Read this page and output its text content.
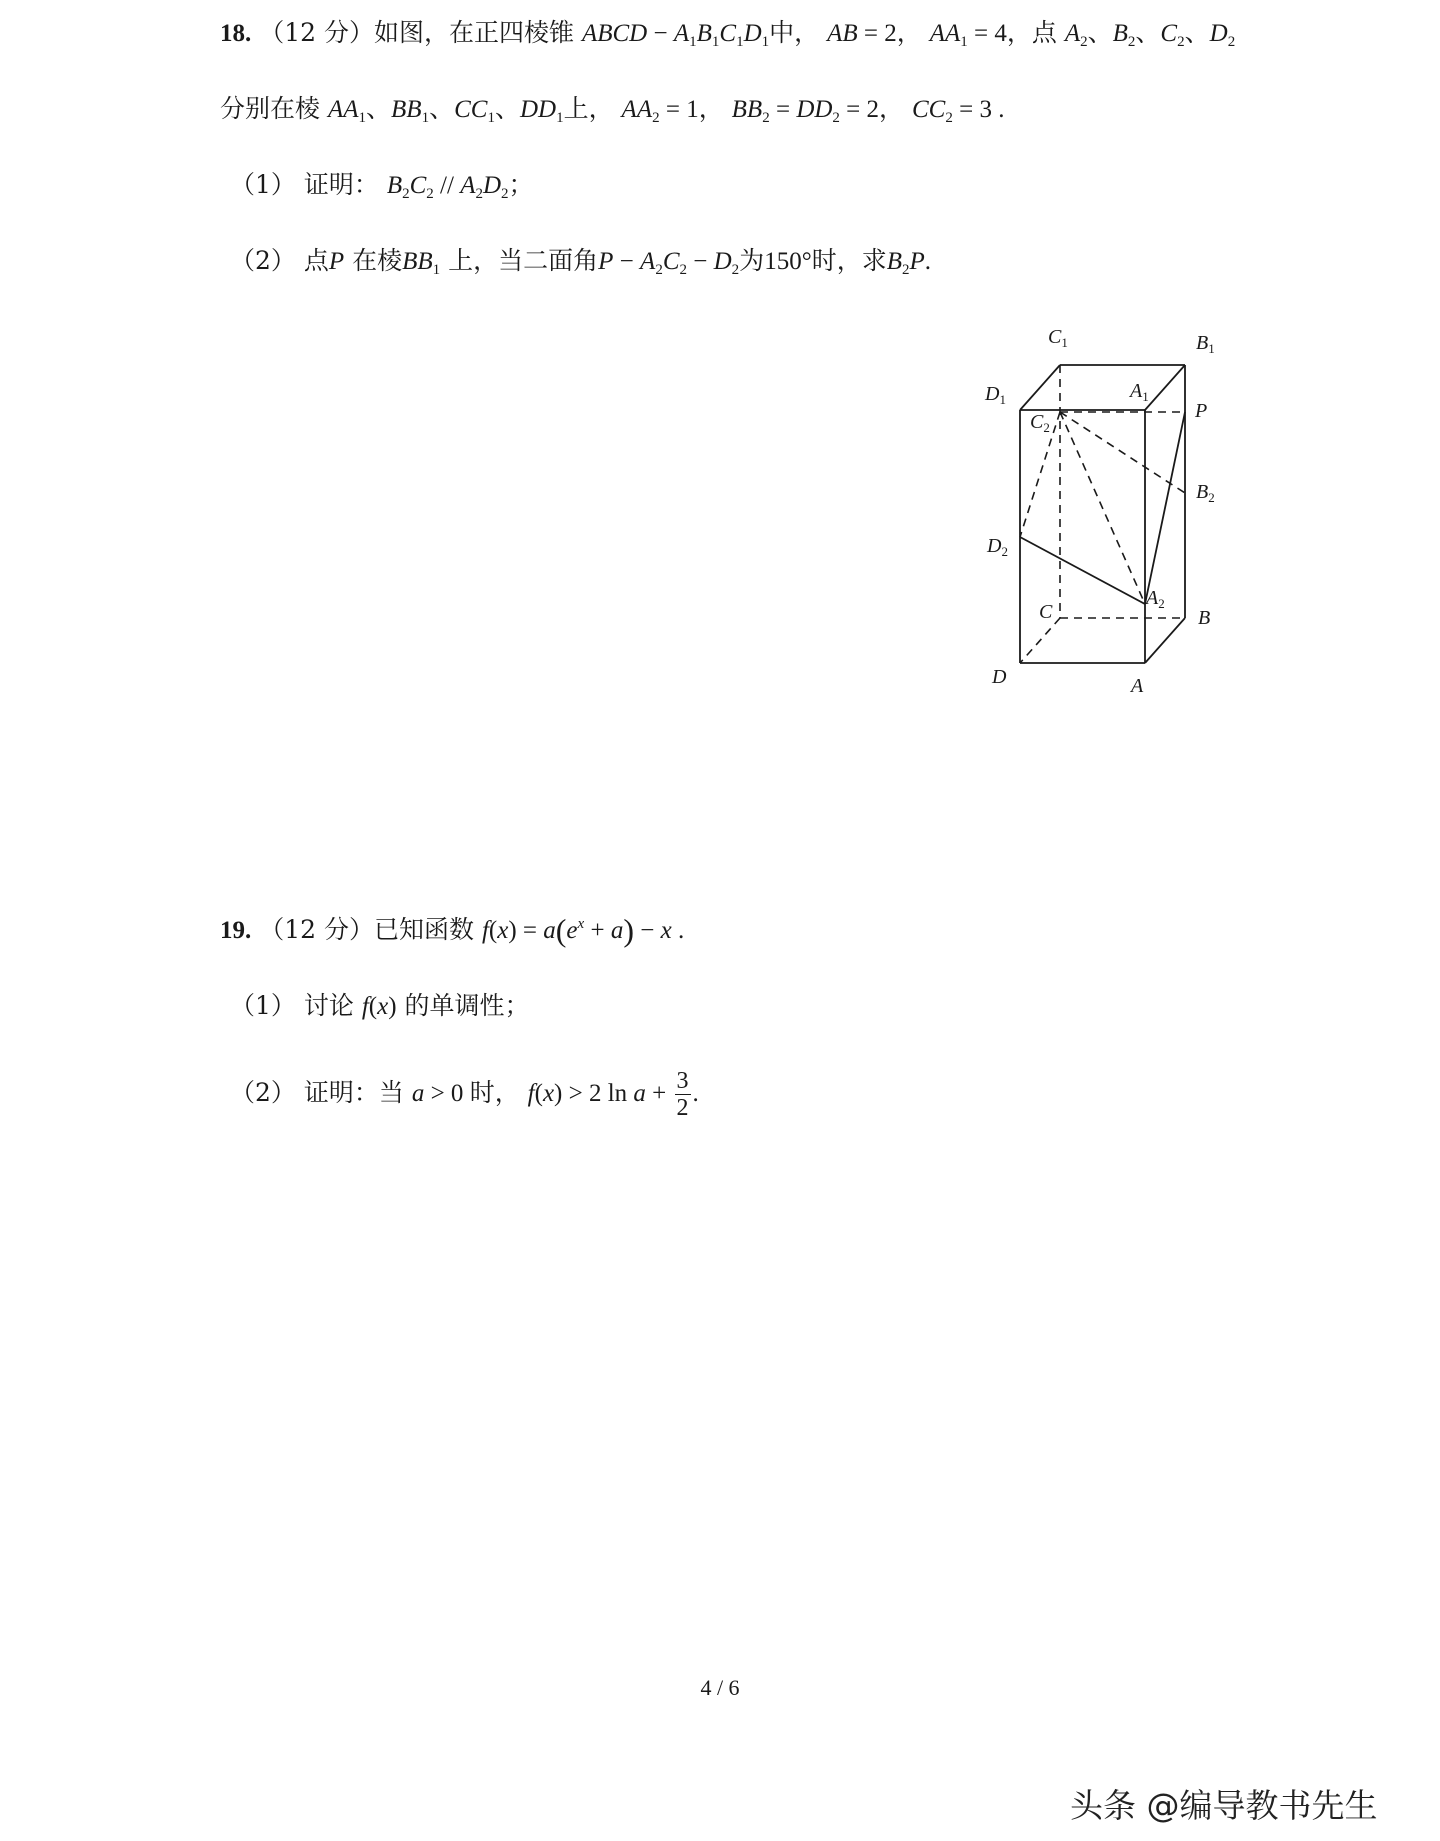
18. （12 分）如图，在正四棱锥 ABCD − $A_1B_1C_1D_1$中， AB = 2， $AA_1 = 4$，点 $A_2$、$B_2$、$C_2$、$D_2$
分别在棱 $AA_1$、$BB_1$、$CC_1$、$DD_1$上， $AA_2 = 1$， $BB_2 = DD_2 = 2$， $CC_2 = 3$ .
（1） 证明： $B_2C_2 // A_2D_2$；
（2） 点P 在棱$BB_1$ 上，当二面角$P - A_2C_2 - D_2$为150°时，求$B_2P$.
$C_1$	$B_1$
$A_1$
$D_1$
$C_2$
P
$B_2$
$D_2$
$A_2$
C	B
D	A
19. （12 分）已知函数 $f(x) = a(e^x + a) - x$ .
（1） 讨论 f(x) 的单调性；
（2） 证明：当 a > 0 时， f(x) > 2 $\ln a + \frac{3}{2}$ .
4 / 6
头条 @编导教书先生
